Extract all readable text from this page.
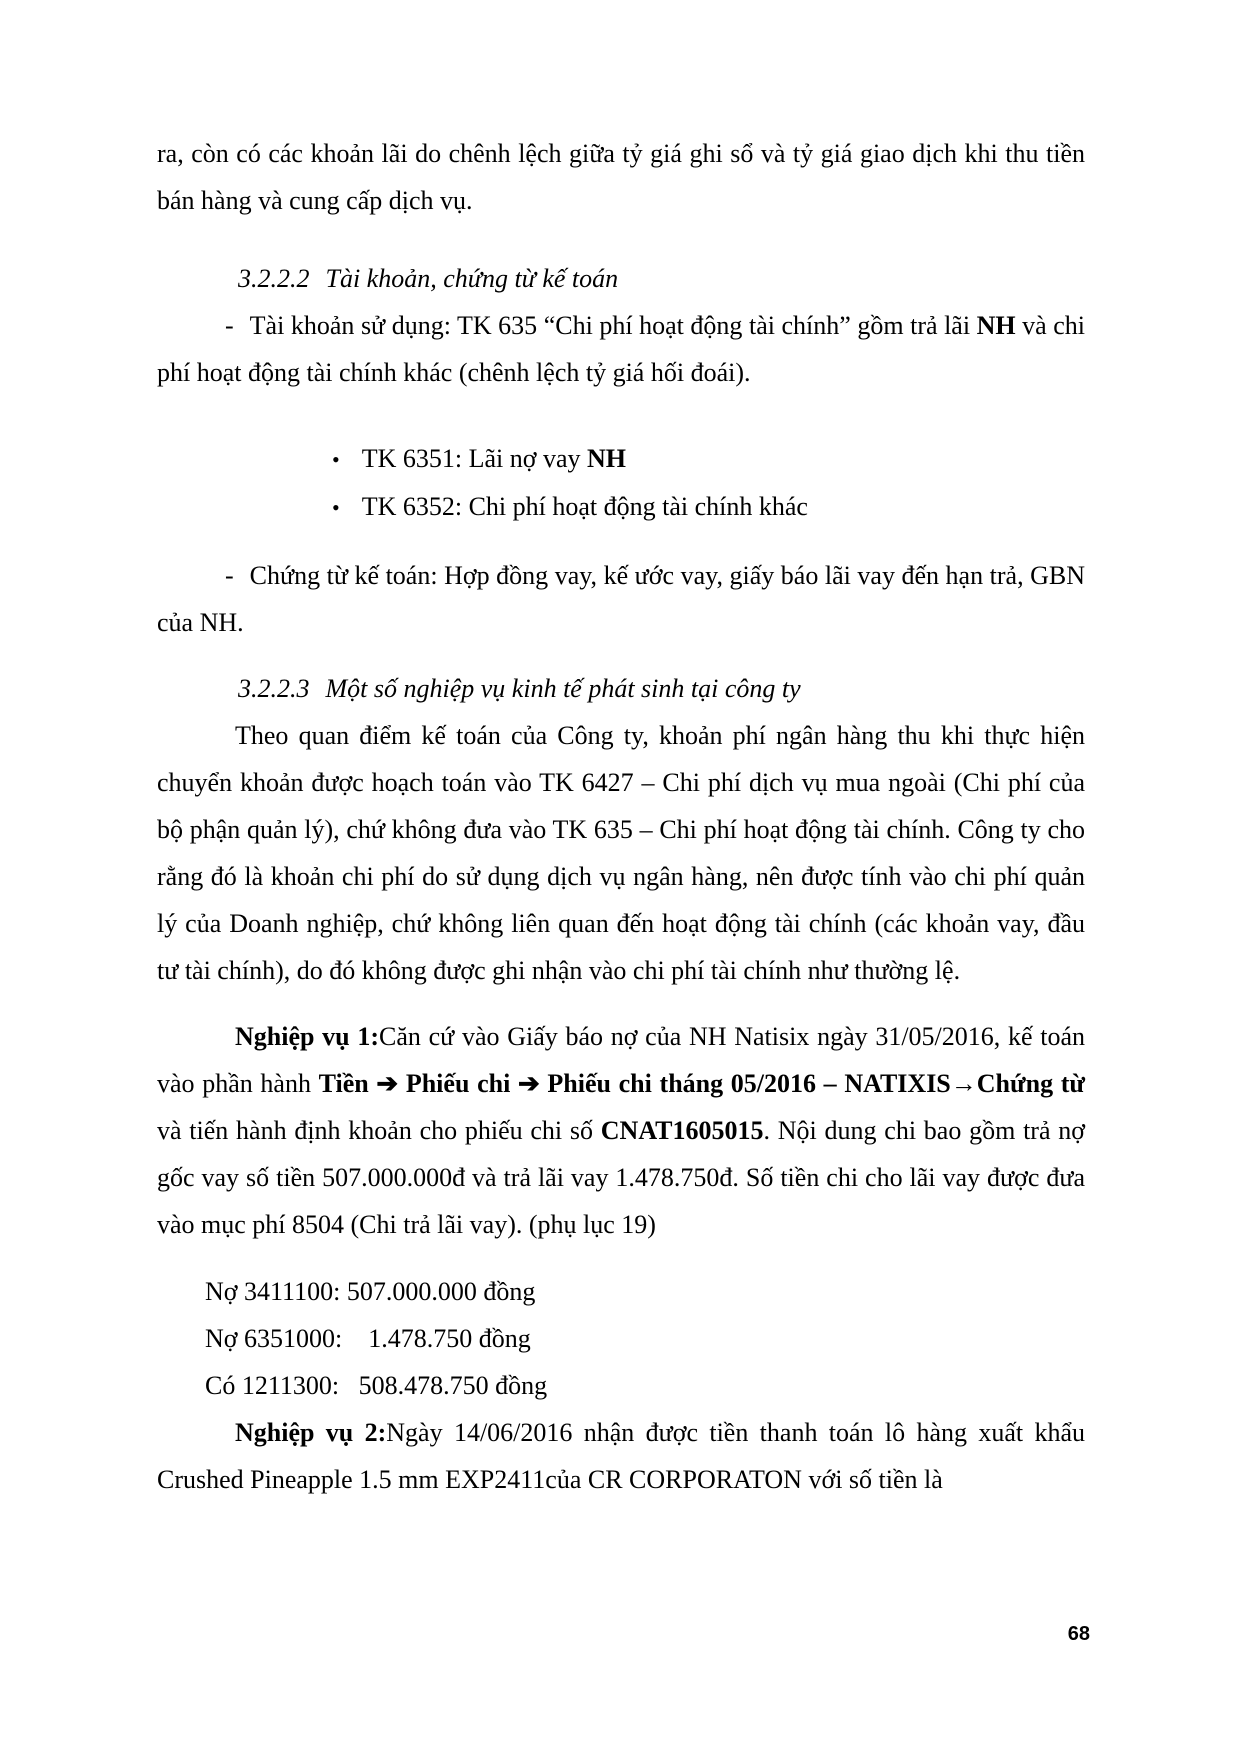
ra, còn có các khoản lãi do chênh lệch giữa tỷ giá ghi sổ và tỷ giá giao dịch khi thu tiền bán hàng và cung cấp dịch vụ.

3.2.2.2 Tài khoản, chứng từ kế toán

- Tài khoản sử dụng: TK 635 “Chi phí hoạt động tài chính” gồm trả lãi NH và chi phí hoạt động tài chính khác (chênh lệch tỷ giá hối đoái).

• TK 6351: Lãi nợ vay NH

• TK 6352: Chi phí hoạt động tài chính khác

- Chứng từ kế toán: Hợp đồng vay, kế ước vay, giấy báo lãi vay đến hạn trả, GBN của NH.

3.2.2.3 Một số nghiệp vụ kinh tế phát sinh tại công ty

Theo quan điểm kế toán của Công ty, khoản phí ngân hàng thu khi thực hiện chuyển khoản được hoạch toán vào TK 6427 – Chi phí dịch vụ mua ngoài (Chi phí của bộ phận quản lý), chứ không đưa vào TK 635 – Chi phí hoạt động tài chính. Công ty cho rằng đó là khoản chi phí do sử dụng dịch vụ ngân hàng, nên được tính vào chi phí quản lý của Doanh nghiệp, chứ không liên quan đến hoạt động tài chính (các khoản vay, đầu tư tài chính), do đó không được ghi nhận vào chi phí tài chính như thường lệ.

Nghiệp vụ 1:Căn cứ vào Giấy báo nợ của NH Natisix ngày 31/05/2016, kế toán vào phần hành Tiền ➔ Phiếu chi ➔ Phiếu chi tháng 05/2016 – NATIXIS→Chứng từ và tiến hành định khoản cho phiếu chi số CNAT1605015. Nội dung chi bao gồm trả nợ gốc vay số tiền 507.000.000đ và trả lãi vay 1.478.750đ. Số tiền chi cho lãi vay được đưa vào mục phí 8504 (Chi trả lãi vay). (phụ lục 19)

Nợ 3411100: 507.000.000 đồng

Nợ 6351000:    1.478.750 đồng

Có 1211300:   508.478.750 đồng

Nghiệp vụ 2:Ngày 14/06/2016 nhận được tiền thanh toán lô hàng xuất khẩu Crushed Pineapple 1.5 mm EXP2411của CR CORPORATON với số tiền là

68
